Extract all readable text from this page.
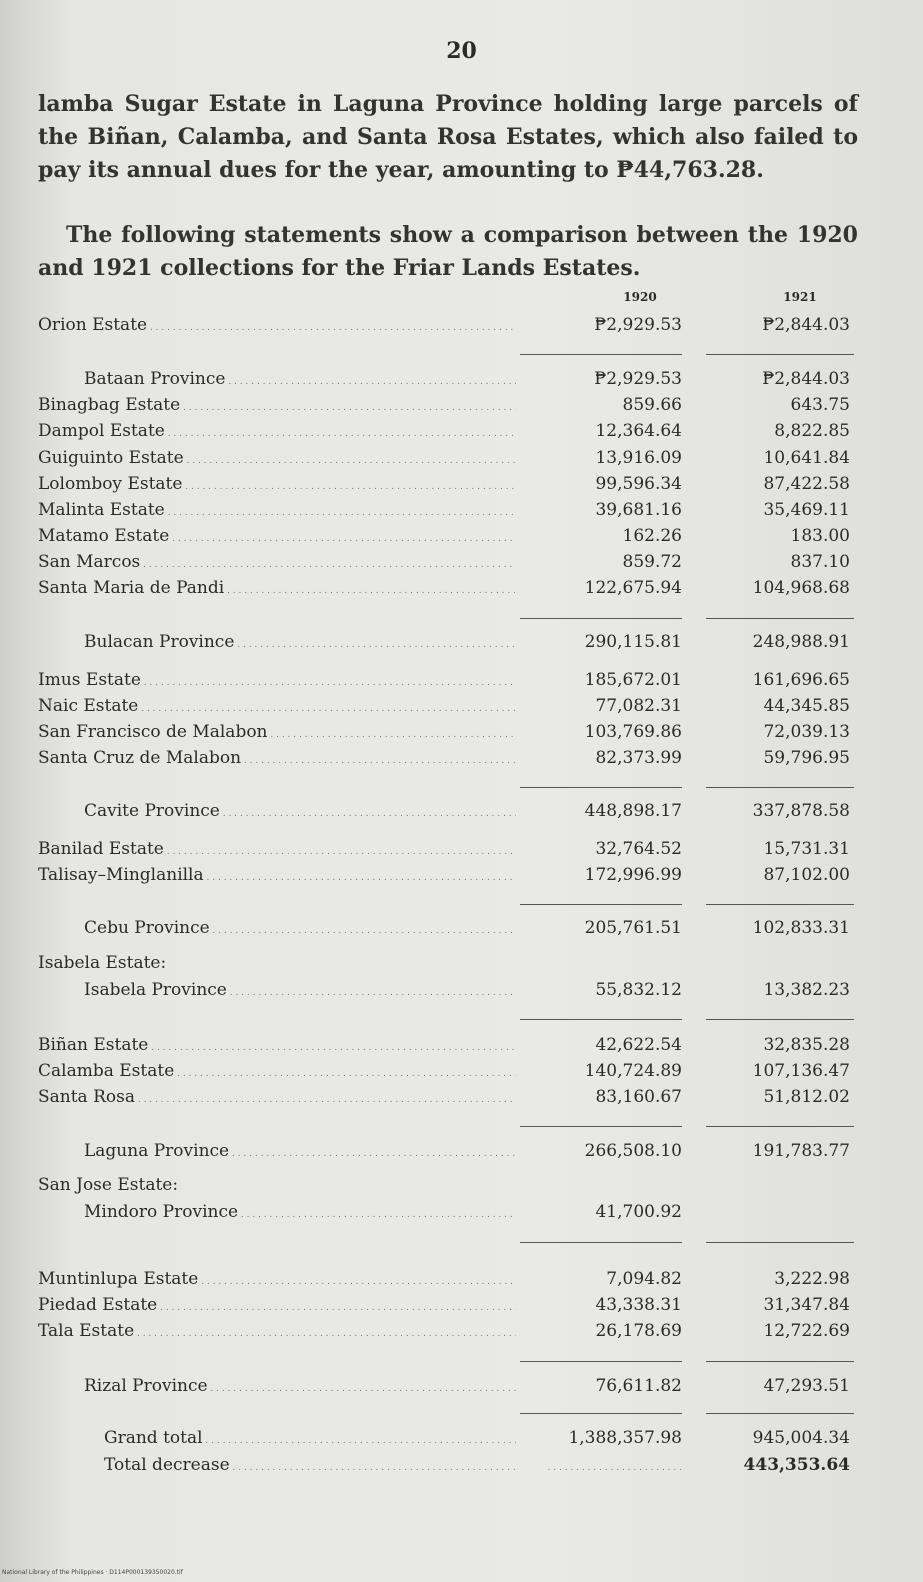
20
lamba Sugar Estate in Laguna Province holding large parcels of the Biñan, Calamba, and Santa Rosa Estates, which also failed to pay its annual dues for the year, amounting to ₱44,763.28.
The following statements show a comparison between the 1920 and 1921 collections for the Friar Lands Estates.
1920	1921
Orion Estate . . .	₱2,929.53	₱2,844.03
Bataan Province . . .	₱2,929.53	₱2,844.03
Binagbag Estate . . .	859.66	643.75
Dampol Estate . . .	12,364.64	8,822.85
Guiguinto Estate . . .	13,916.09	10,641.84
Lolomboy Estate . . .	99,596.34	87,422.58
Malinta Estate . . .	39,681.16	35,469.11
Matamo Estate . . .	162.26	183.00
San Marcos . . .	859.72	837.10
Santa Maria de Pandi . . .	122,675.94	104,968.68
Bulacan Province . . .	290,115.81	248,988.91
Imus Estate . . .	185,672.01	161,696.65
Naic Estate . . .	77,082.31	44,345.85
San Francisco de Malabon . . .	103,769.86	72,039.13
Santa Cruz de Malabon . . .	82,373.99	59,796.95
Cavite Province . . .	448,898.17	337,878.58
Banilad Estate . . .	32,764.52	15,731.31
Talisay–Minglanilla . . .	172,996.99	87,102.00
Cebu Province . . .	205,761.51	102,833.31
Isabela Estate:
Isabela Province . . .	55,832.12	13,382.23
Biñan Estate . . .	42,622.54	32,835.28
Calamba Estate . . .	140,724.89	107,136.47
Santa Rosa . . .	83,160.67	51,812.02
Laguna Province . . .	266,508.10	191,783.77
San Jose Estate:
Mindoro Province . . .	41,700.92
Muntinlupa Estate . . .	7,094.82	3,222.98
Piedad Estate . . .	43,338.31	31,347.84
Tala Estate . . .	26,178.69	12,722.69
Rizal Province . . .	76,611.82	47,293.51
Grand total . . .	1,388,357.98	945,004.34
Total decrease . . .	. . . . . . . . . . . . . . . . . . . . . . . .	443,353.64
National Library of the Philippines · D114P000139350020.tif
